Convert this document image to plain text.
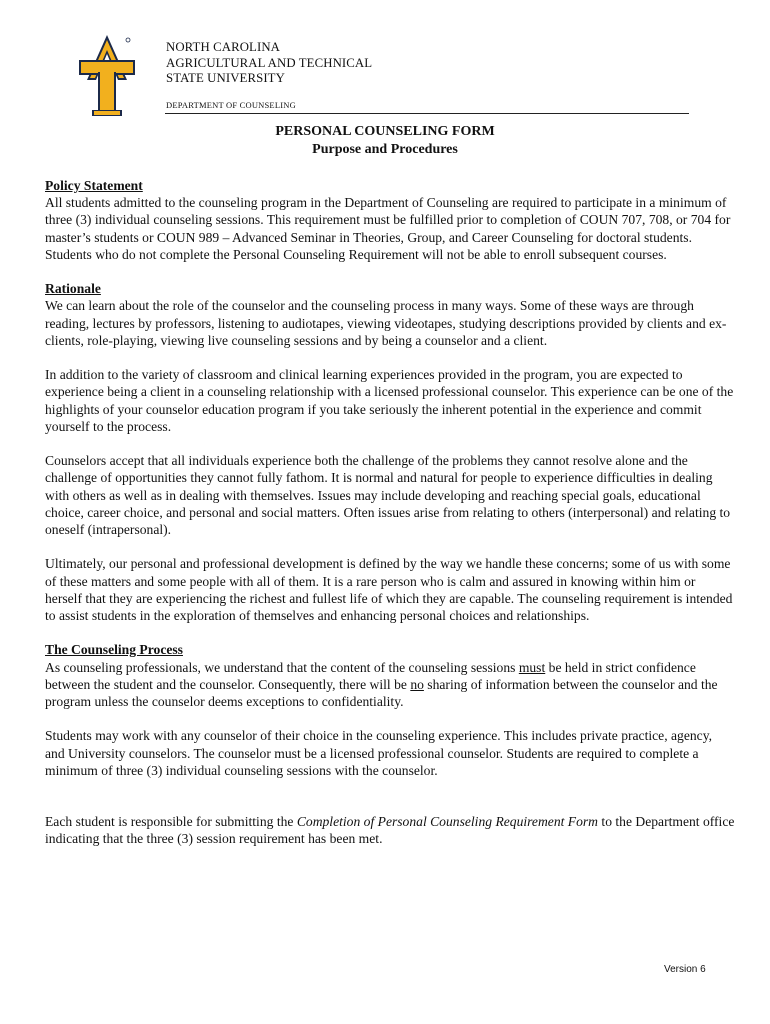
NORTH CAROLINA
AGRICULTURAL AND TECHNICAL
STATE UNIVERSITY
DEPARTMENT OF COUNSELING
PERSONAL COUNSELING FORM
Purpose and Procedures

Policy Statement

All students admitted to the counseling program in the Department of Counseling are required to participate in a minimum of three (3) individual counseling sessions. This requirement must be fulfilled prior to completion of COUN 707, 708, or 704 for master’s students or COUN 989 – Advanced Seminar in Theories, Group, and Career Counseling for doctoral students. Students who do not complete the Personal Counseling Requirement will not be able to enroll subsequent courses.

Rationale

We can learn about the role of the counselor and the counseling process in many ways. Some of these ways are through reading, lectures by professors, listening to audiotapes, viewing videotapes, studying descriptions provided by clients and ex-clients, role-playing, viewing live counseling sessions and by being a counselor and a client.

In addition to the variety of classroom and clinical learning experiences provided in the program, you are expected to experience being a client in a counseling relationship with a licensed professional counselor. This experience can be one of the highlights of your counselor education program if you take seriously the inherent potential in the experience and commit yourself to the process.

Counselors accept that all individuals experience both the challenge of the problems they cannot resolve alone and the challenge of opportunities they cannot fully fathom. It is normal and natural for people to experience difficulties in dealing with others as well as in dealing with themselves. Issues may include developing and reaching special goals, educational choice, career choice, and personal and social matters. Often issues arise from relating to others (interpersonal) and relating to oneself (intrapersonal).

Ultimately, our personal and professional development is defined by the way we handle these concerns; some of us with some of these matters and some people with all of them. It is a rare person who is calm and assured in knowing within him or herself that they are experiencing the richest and fullest life of which they are capable. The counseling requirement is intended to assist students in the exploration of themselves and enhancing personal choices and relationships.

The Counseling Process

As counseling professionals, we understand that the content of the counseling sessions must be held in strict confidence between the student and the counselor. Consequently, there will be no sharing of information between the counselor and the program unless the counselor deems exceptions to confidentiality.

Students may work with any counselor of their choice in the counseling experience. This includes private practice, agency, and University counselors. The counselor must be a licensed professional counselor. Students are required to complete a minimum of three (3) individual counseling sessions with the counselor.

Each student is responsible for submitting the Completion of Personal Counseling Requirement Form to the Department office indicating that the three (3) session requirement has been met.

Version 6
